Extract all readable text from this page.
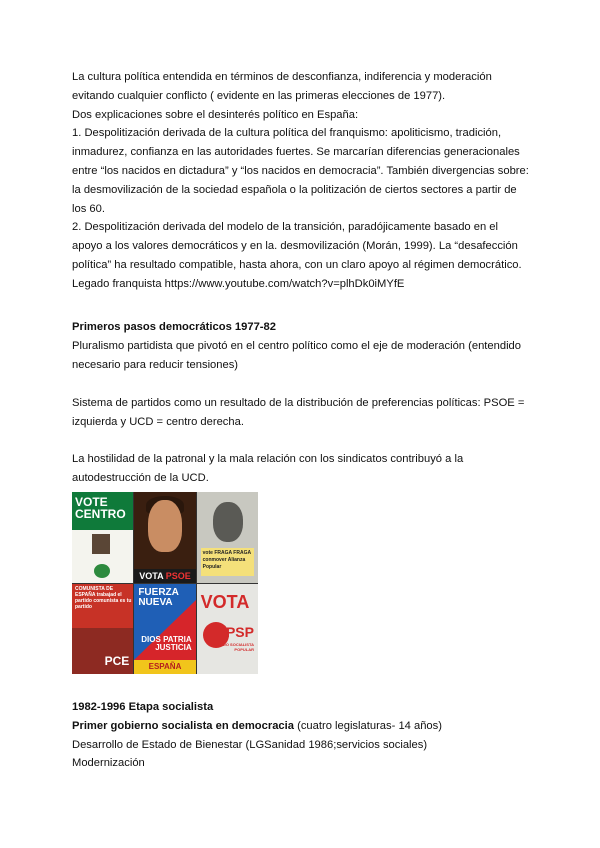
La cultura política entendida en términos de desconfianza, indiferencia y moderación

evitando cualquier conflicto ( evidente en las primeras elecciones de 1977).

Dos explicaciones sobre el desinterés político en España:

1. Despolitización derivada de la cultura política del franquismo: apoliticismo, tradición,

inmadurez, confianza en las autoridades fuertes. Se marcarían diferencias generacionales

entre “los nacidos en dictadura” y “los nacidos en democracia”. También divergencias sobre:

la desmovilización de la sociedad española o la politización de ciertos sectores a partir de

los 60.

2. Despolitización derivada del modelo de la transición, paradójicamente basado en el

apoyo a los valores democráticos y en la. desmovilización (Morán, 1999). La “desafección

política” ha resultado compatible, hasta ahora, con un claro apoyo al régimen democrático.

Legado franquista https://www.youtube.com/watch?v=plhDk0iMYfE

Primeros pasos democráticos 1977-82

Pluralismo partidista que pivotó en el centro político como el eje de moderación (entendido

necesario para reducir tensiones)

Sistema de partidos como un resultado de la distribución de preferencias políticas: PSOE =

izquierda y UCD = centro derecha.

La hostilidad de la patronal y la mala relación con los sindicatos contribuyó a la

autodestrucción de la UCD.

VOTE CENTRO
VOTA PSOE
vote FRAGA FRAGA conmover Alianza Popular
COMUNISTA DE ESPAÑA trabajad el partido comunista es tu partido
PCE
FUERZA NUEVA
DIOS PATRIA JUSTICIA
ESPAÑA
VOTA
PSP
PARTIDO SOCIALISTA POPULAR

1982-1996 Etapa socialista

Primer gobierno socialista en democracia (cuatro legislaturas- 14 años)

Desarrollo de Estado de Bienestar (LGSanidad 1986;servicios sociales)

Modernización
